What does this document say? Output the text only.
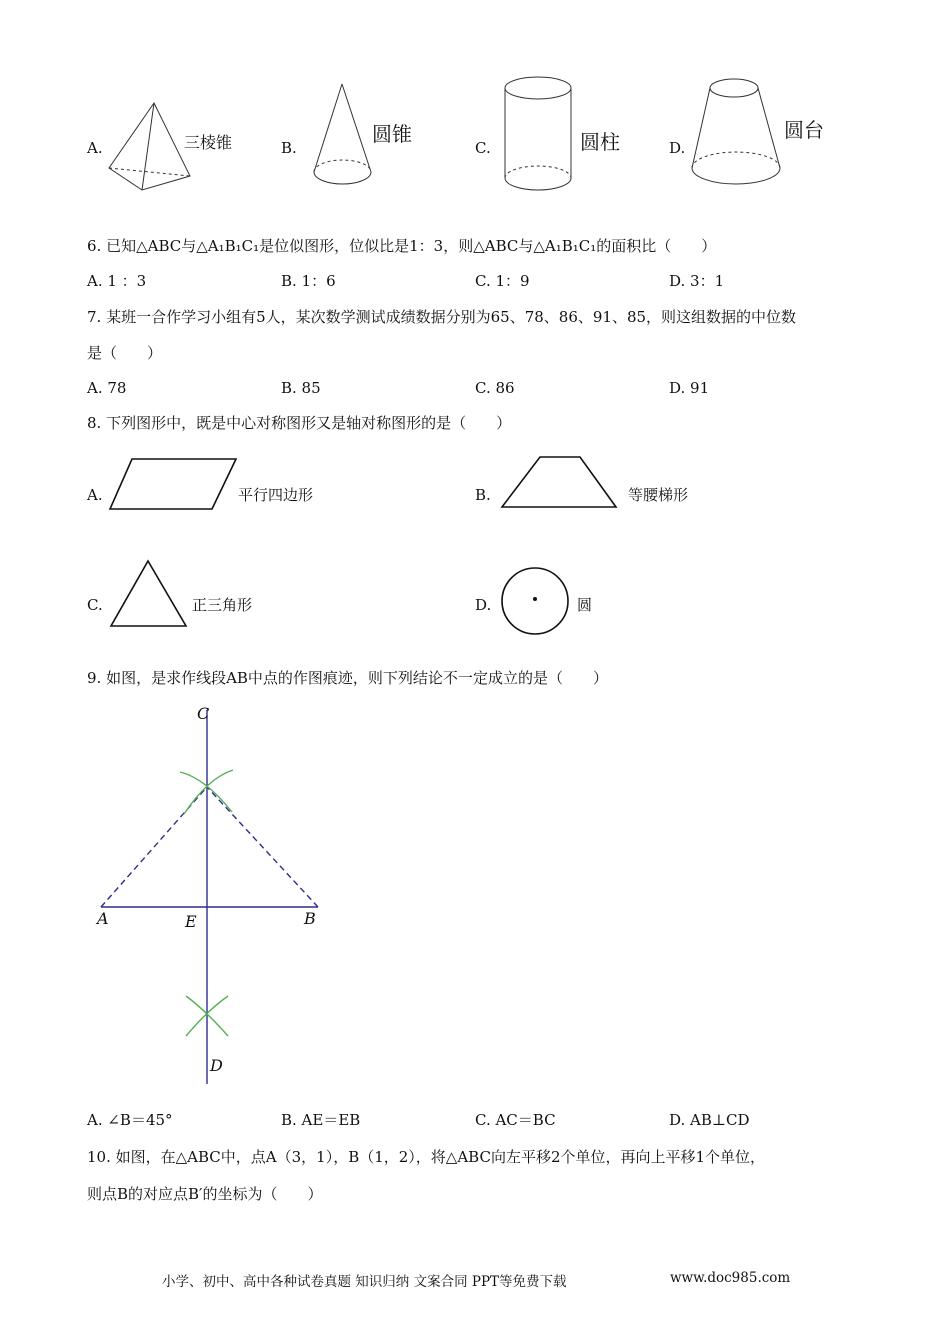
A.	三棱锥	B.
圆锥
C.	圆柱	D.
圆台
6. 已知△ABC与△A₁B₁C₁是位似图形，位似比是1：3，则△ABC与△A₁B₁C₁的面积比（　　）
A. 1 ：3	B. 1：6	C. 1：9	D. 3：1
7. 某班一合作学习小组有5人，某次数学测试成绩数据分别为65、78、86、91、85，则这组数据的中位数
是（　　）
A. 78	B. 85	C. 86	D. 91
8. 下列图形中，既是中心对称图形又是轴对称图形的是（　　）
A.	平行四边形	B.	等腰梯形
C.	正三角形	D.	圆
9. 如图，是求作线段AB中点的作图痕迹，则下列结论不一定成立的是（　　）
C
A	E	B
D
A. ∠B＝45°	B. AE＝EB	C. AC＝BC	D. AB⊥CD
10. 如图，在△ABC中，点A（3，1），B（1，2），将△ABC向左平移2个单位，再向上平移1个单位，
则点B的对应点B′的坐标为（　　）
小学、初中、高中各种试卷真题 知识归纳 文案合同 PPT等免费下载	www.doc985.com
